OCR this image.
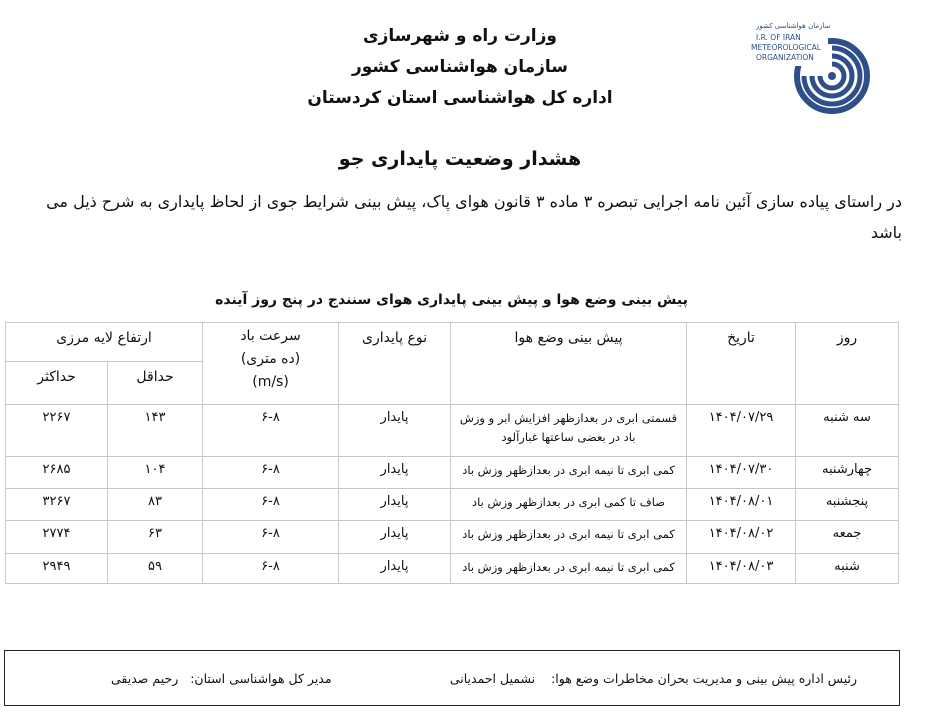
سازمان هواشناسی کشور
I.R. OF IRAN
METEOROLOGICAL
ORGANIZATION
وزارت راه و شهرسازی
سازمان هواشناسی کشور
اداره کل هواشناسی استان کردستان
هشدار وضعیت پایداری جو
در راستای پیاده سازی آئین نامه اجرایی تبصره ۳ ماده ۳ قانون هوای پاک، پیش بینی شرایط جوی از لحاظ پایداری به شرح ذیل می باشد
پیش بینی وضع هوا و پیش بینی پایداری هوای سنندج در پنج روز آینده
روز	تاریخ	پیش بینی وضع هوا	نوع پایداری	سرعت باد
(ده متری)
(m/s)	ارتفاع لایه مرزی	
					حداقل	حداکثر
سه شنبه	۱۴۰۴/۰۷/۲۹	قسمتی ابری در بعدازظهر افزایش ابر و وزش باد در بعضی ساعتها غبارآلود	پایدار	۶-۸	۱۴۳	۲۲۶۷
چهارشنبه	۱۴۰۴/۰۷/۳۰	کمی ابری تا نیمه ابری در بعدازظهر وزش باد	پایدار	۶-۸	۱۰۴	۲۶۸۵
پنجشنبه	۱۴۰۴/۰۸/۰۱	صاف تا کمی ابری در بعدازظهر وزش باد	پایدار	۶-۸	۸۳	۳۲۶۷
جمعه	۱۴۰۴/۰۸/۰۲	کمی ابری تا نیمه ابری در بعدازظهر وزش باد	پایدار	۶-۸	۶۳	۲۷۷۴
شنبه	۱۴۰۴/۰۸/۰۳	کمی ابری تا نیمه ابری در بعدازظهر وزش باد	پایدار	۶-۸	۵۹	۲۹۴۹
رئیس اداره پیش بینی و مدیریت بحران مخاطرات وضع هوا:  نشمیل احمدیانی
مدیر کل هواشناسی استان:  رحیم صدیقی
